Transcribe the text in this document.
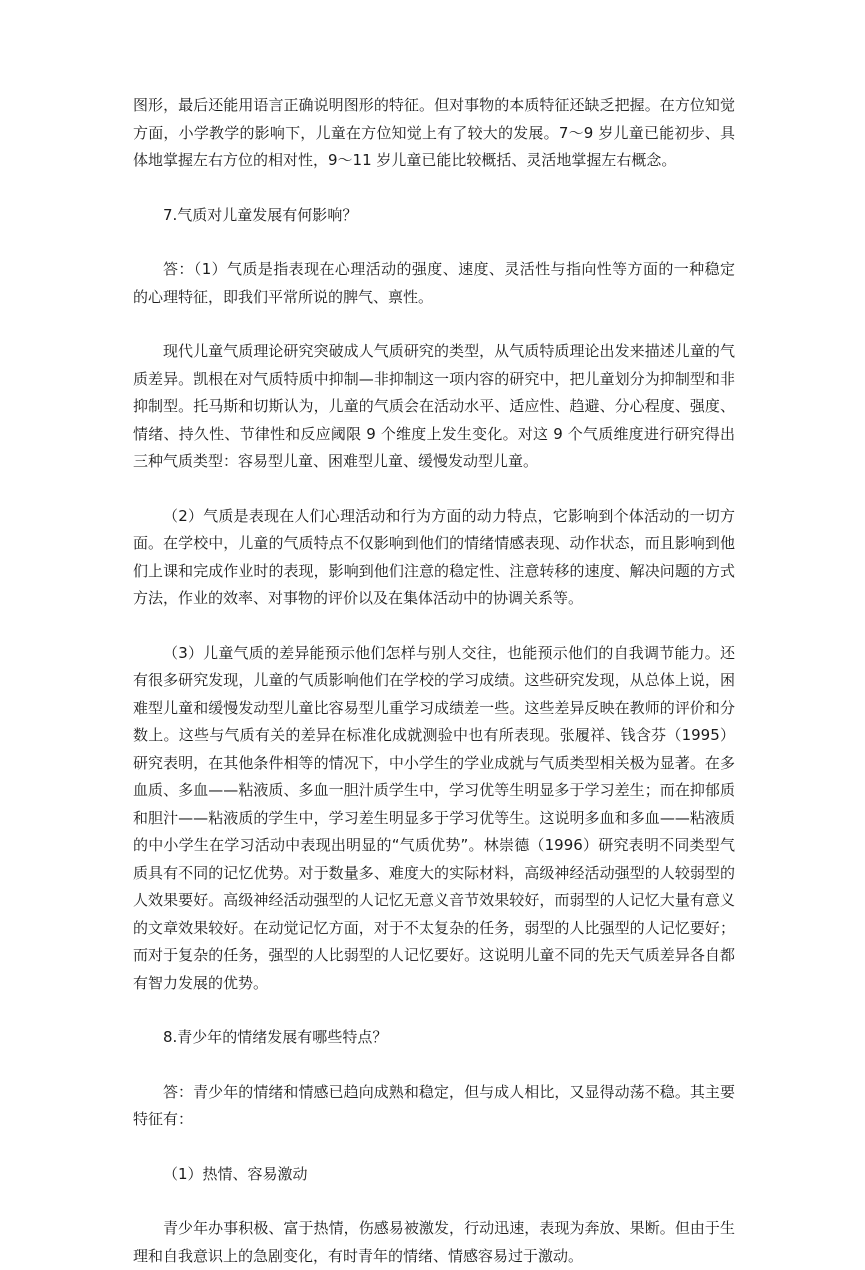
图形，最后还能用语言正确说明图形的特征。但对事物的本质特征还缺乏把握。在方位知觉方面，小学教学的影响下，儿童在方位知觉上有了较大的发展。7～9 岁儿童已能初步、具体地掌握左右方位的相对性，9～11 岁儿童已能比较概括、灵活地掌握左右概念。

7.气质对儿童发展有何影响？

答：（1）气质是指表现在心理活动的强度、速度、灵活性与指向性等方面的一种稳定的心理特征，即我们平常所说的脾气、禀性。

现代儿童气质理论研究突破成人气质研究的类型，从气质特质理论出发来描述儿童的气质差异。凯根在对气质特质中抑制—非抑制这一项内容的研究中，把儿童划分为抑制型和非抑制型。托马斯和切斯认为，儿童的气质会在活动水平、适应性、趋避、分心程度、强度、情绪、持久性、节律性和反应阈限 9 个维度上发生变化。对这 9 个气质维度进行研究得出三种气质类型：容易型儿童、困难型儿童、缓慢发动型儿童。

（2）气质是表现在人们心理活动和行为方面的动力特点，它影响到个体活动的一切方面。在学校中，儿童的气质特点不仅影响到他们的情绪情感表现、动作状态，而且影响到他们上课和完成作业时的表现，影响到他们注意的稳定性、注意转移的速度、解决问题的方式方法，作业的效率、对事物的评价以及在集体活动中的协调关系等。

（3）儿童气质的差异能预示他们怎样与别人交往，也能预示他们的自我调节能力。还有很多研究发现，儿童的气质影响他们在学校的学习成绩。这些研究发现，从总体上说，困难型儿童和缓慢发动型儿童比容易型儿重学习成绩差一些。这些差异反映在教师的评价和分数上。这些与气质有关的差异在标准化成就测验中也有所表现。张履祥、钱含芬（1995）研究表明，在其他条件相等的情况下，中小学生的学业成就与气质类型相关极为显著。在多血质、多血——粘液质、多血一胆汁质学生中，学习优等生明显多于学习差生；而在抑郁质和胆汁——粘液质的学生中，学习差生明显多于学习优等生。这说明多血和多血——粘液质的中小学生在学习活动中表现出明显的“气质优势”。林崇德（1996）研究表明不同类型气质具有不同的记忆优势。对于数量多、难度大的实际材料，高级神经活动强型的人较弱型的人效果要好。高级神经活动强型的人记忆无意义音节效果较好，而弱型的人记忆大量有意义的文章效果较好。在动觉记忆方面，对于不太复杂的任务，弱型的人比强型的人记忆要好；而对于复杂的任务，强型的人比弱型的人记忆要好。这说明儿童不同的先天气质差异各自都有智力发展的优势。

8.青少年的情绪发展有哪些特点？

答：青少年的情绪和情感已趋向成熟和稳定，但与成人相比，又显得动荡不稳。其主要特征有：

（1）热情、容易激动

青少年办事积极、富于热情，伤感易被激发，行动迅速，表现为奔放、果断。但由于生理和自我意识上的急剧变化，有时青年的情绪、情感容易过于激动。
